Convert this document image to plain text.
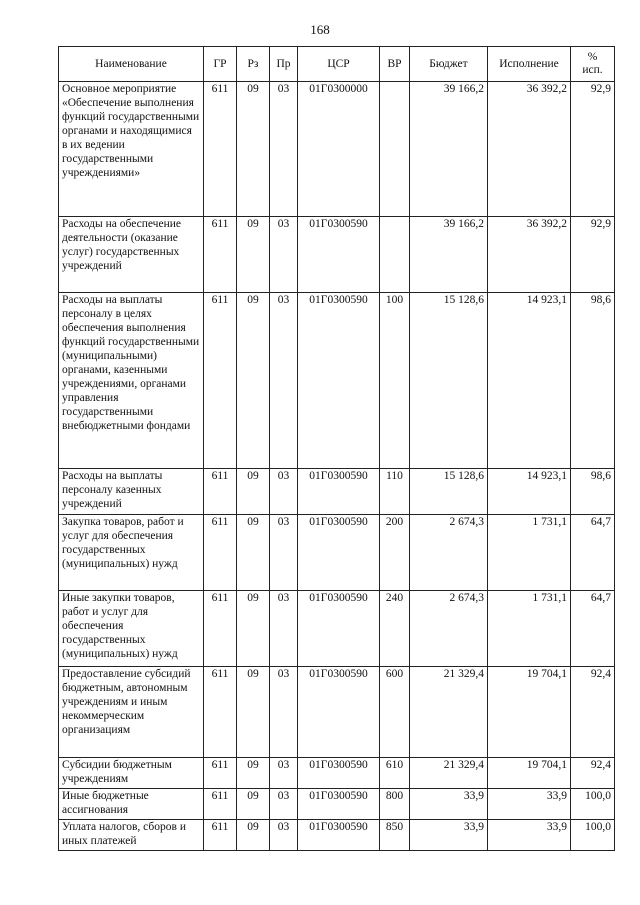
168
Наименование	ГР	Рз	Пр	ЦСР	ВР	Бюджет	Исполнение	%
исп.
Основное мероприятие «Обеспечение выполнения функций государственными органами и находящимися в их ведении государственными учреждениями»	611	09	03	01Г0300000		39 166,2	36 392,2	92,9
Расходы на обеспечение деятельности (оказание услуг) государственных учреждений	611	09	03	01Г0300590		39 166,2	36 392,2	92,9
Расходы на выплаты персоналу в целях обеспечения выполнения функций государственными (муниципальными) органами, казенными учреждениями, органами управления государственными внебюджетными фондами	611	09	03	01Г0300590	100	15 128,6	14 923,1	98,6
Расходы на выплаты персоналу казенных учреждений	611	09	03	01Г0300590	110	15 128,6	14 923,1	98,6
Закупка товаров, работ и услуг для обеспечения государственных (муниципальных) нужд	611	09	03	01Г0300590	200	2 674,3	1 731,1	64,7
Иные закупки товаров, работ и услуг для обеспечения государственных (муниципальных) нужд	611	09	03	01Г0300590	240	2 674,3	1 731,1	64,7
Предоставление субсидий бюджетным, автономным учреждениям и иным некоммерческим организациям	611	09	03	01Г0300590	600	21 329,4	19 704,1	92,4
Субсидии бюджетным учреждениям	611	09	03	01Г0300590	610	21 329,4	19 704,1	92,4
Иные бюджетные ассигнования	611	09	03	01Г0300590	800	33,9	33,9	100,0
Уплата налогов, сборов и иных платежей	611	09	03	01Г0300590	850	33,9	33,9	100,0
